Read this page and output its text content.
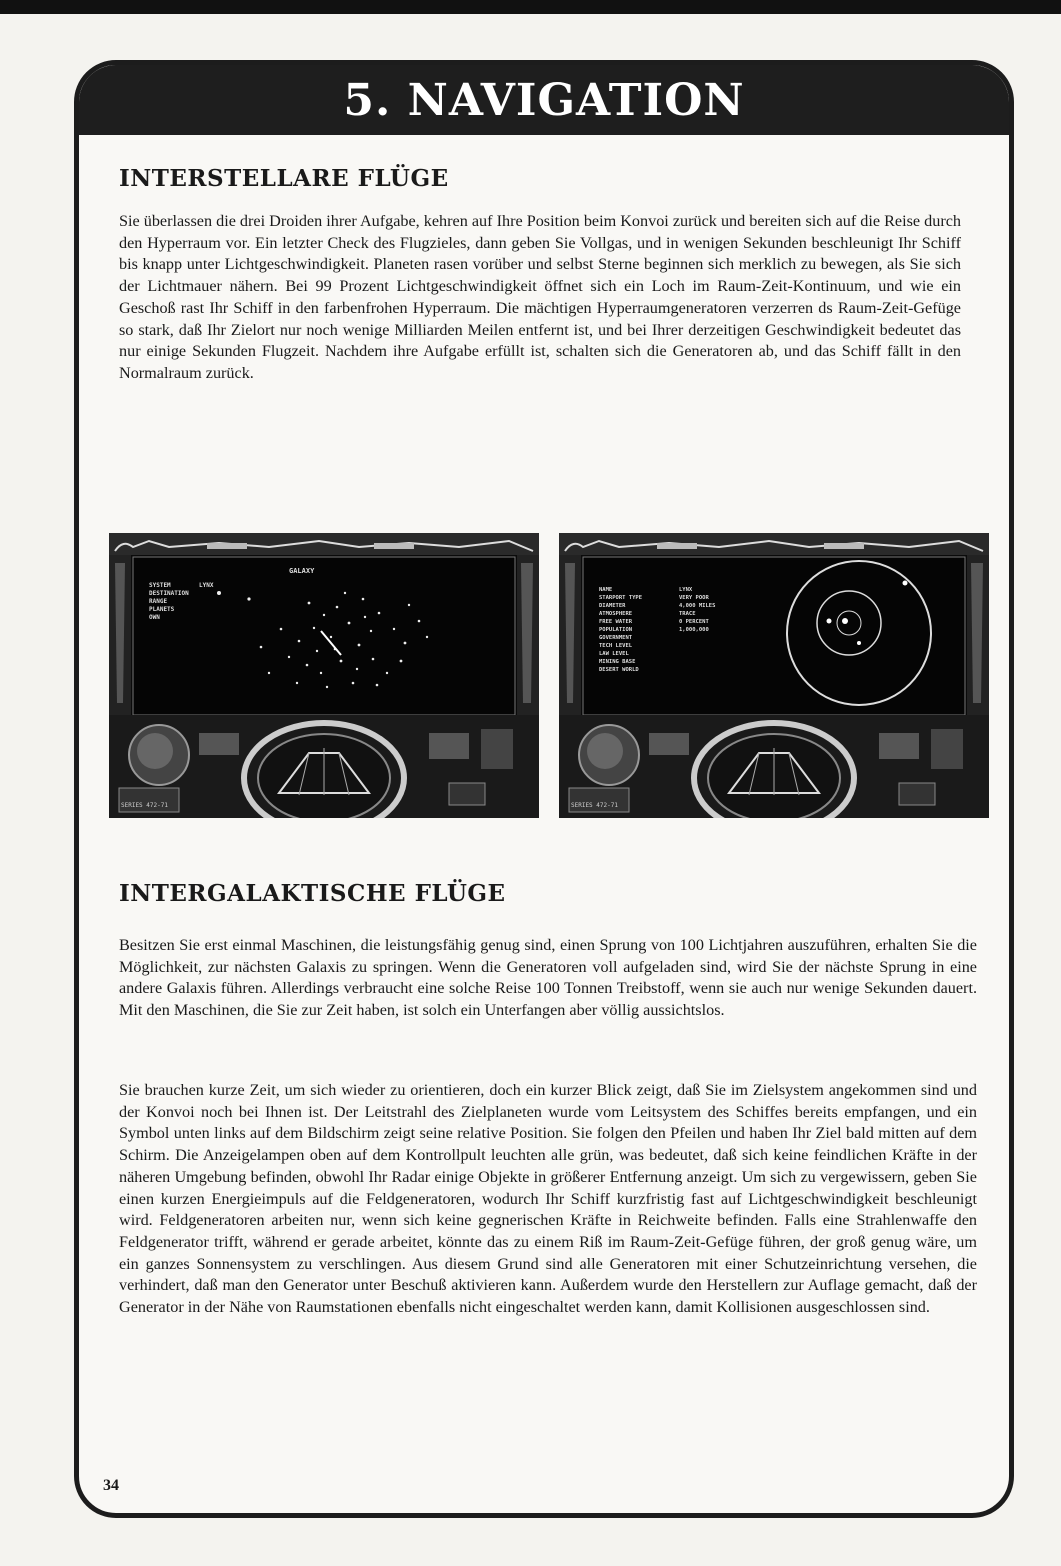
5. NAVIGATION
INTERSTELLARE FLÜGE

Sie überlassen die drei Droiden ihrer Aufgabe, kehren auf Ihre Position beim Konvoi zurück und bereiten sich auf die Reise durch den Hyperraum vor. Ein letzter Check des Flugzieles, dann geben Sie Vollgas, und in wenigen Sekunden beschleunigt Ihr Schiff bis knapp unter Lichtgeschwindigkeit. Planeten rasen vorüber und selbst Sterne beginnen sich merklich zu bewegen, als Sie sich der Lichtmauer nähern. Bei 99 Prozent Lichtgeschwindigkeit öffnet sich ein Loch im Raum-Zeit-Kontinuum, und wie ein Geschoß rast Ihr Schiff in den farbenfrohen Hyperraum. Die mächtigen Hyperraumgeneratoren verzerren ds Raum-Zeit-Gefüge so stark, daß Ihr Zielort nur noch wenige Milliarden Meilen entfernt ist, und bei Ihrer derzeitigen Geschwindigkeit bedeutet das nur einige Sekunden Flugzeit. Nachdem ihre Aufgabe erfüllt ist, schalten sich die Generatoren ab, und das Schiff fällt in den Normalraum zurück.

GALAXY
SYSTEM	LYNX
DESTINATION
RANGE
PLANETS
OWN
SERIES 472-71
NAME
STARPORT TYPE
DIAMETER
ATMOSPHERE
FREE WATER
POPULATION
GOVERNMENT
TECH LEVEL
LAW LEVEL
MINING BASE
DESERT WORLD
LYNX
VERY POOR
4,000 MILES
TRACE
0 PERCENT
1,000,000
SERIES 472-71
INTERGALAKTISCHE FLÜGE

Besitzen Sie erst einmal Maschinen, die leistungsfähig genug sind, einen Sprung von 100 Lichtjahren auszuführen, erhalten Sie die Möglichkeit, zur nächsten Galaxis zu springen. Wenn die Generatoren voll aufgeladen sind, wird Sie der nächste Sprung in eine andere Galaxis führen. Allerdings verbraucht eine solche Reise 100 Tonnen Treibstoff, wenn sie auch nur wenige Sekunden dauert. Mit den Maschinen, die Sie zur Zeit haben, ist solch ein Unterfangen aber völlig aussichtslos.

Sie brauchen kurze Zeit, um sich wieder zu orientieren, doch ein kurzer Blick zeigt, daß Sie im Zielsystem angekommen sind und der Konvoi noch bei Ihnen ist. Der Leitstrahl des Zielplaneten wurde vom Leitsystem des Schiffes bereits empfangen, und ein Symbol unten links auf dem Bildschirm zeigt seine relative Position. Sie folgen den Pfeilen und haben Ihr Ziel bald mitten auf dem Schirm. Die Anzeigelampen oben auf dem Kontrollpult leuchten alle grün, was bedeutet, daß sich keine feindlichen Kräfte in der näheren Umgebung befinden, obwohl Ihr Radar einige Objekte in größerer Entfernung anzeigt. Um sich zu vergewissern, geben Sie einen kurzen Energieimpuls auf die Feldgeneratoren, wodurch Ihr Schiff kurzfristig fast auf Lichtgeschwindigkeit beschleunigt wird. Feldgeneratoren arbeiten nur, wenn sich keine gegnerischen Kräfte in Reichweite befinden. Falls eine Strahlenwaffe den Feldgenerator trifft, während er gerade arbeitet, könnte das zu einem Riß im Raum-Zeit-Gefüge führen, der groß genug wäre, um ein ganzes Sonnensystem zu verschlingen. Aus diesem Grund sind alle Generatoren mit einer Schutzeinrichtung versehen, die verhindert, daß man den Generator unter Beschuß aktivieren kann. Außerdem wurde den Herstellern zur Auflage gemacht, daß der Generator in der Nähe von Raumstationen ebenfalls nicht eingeschaltet werden kann, damit Kollisionen ausgeschlossen sind.

34
